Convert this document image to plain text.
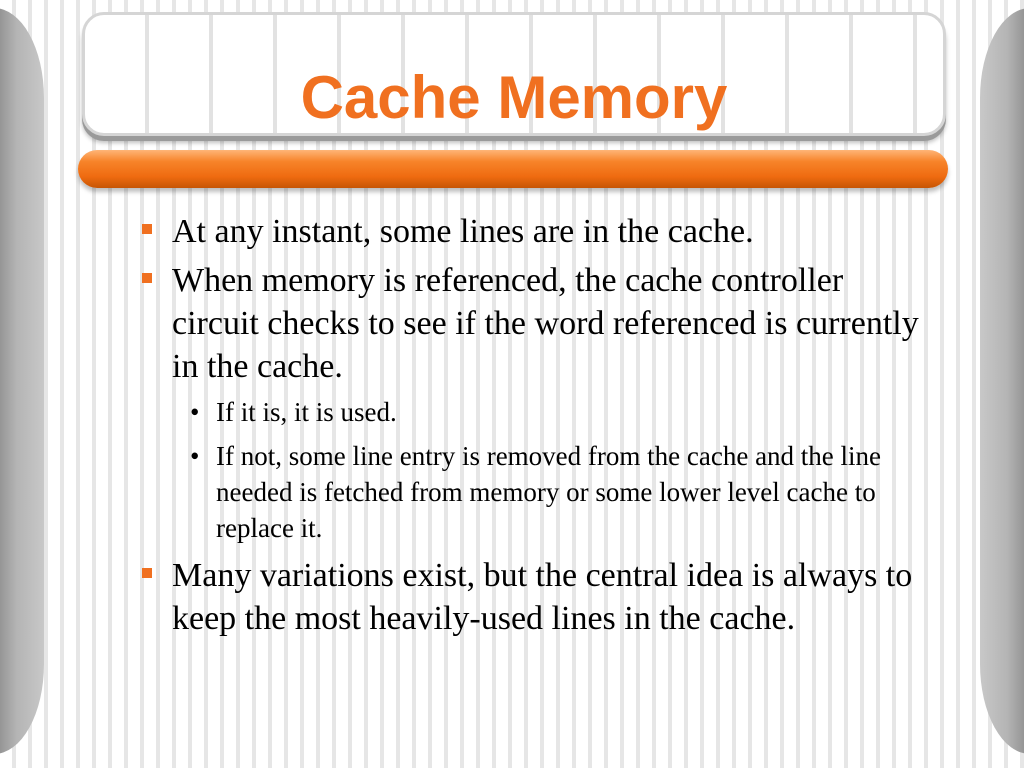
Cache Memory
At any instant, some lines are in the cache.
When memory is referenced, the cache controller circuit checks to see if the word referenced is currently in the cache.
• If it is, it is used.
• If not, some line entry is removed from the cache and the line needed is fetched from memory or some lower level cache to replace it.
Many variations exist, but the central idea is always to keep the most heavily-used lines in the cache.
